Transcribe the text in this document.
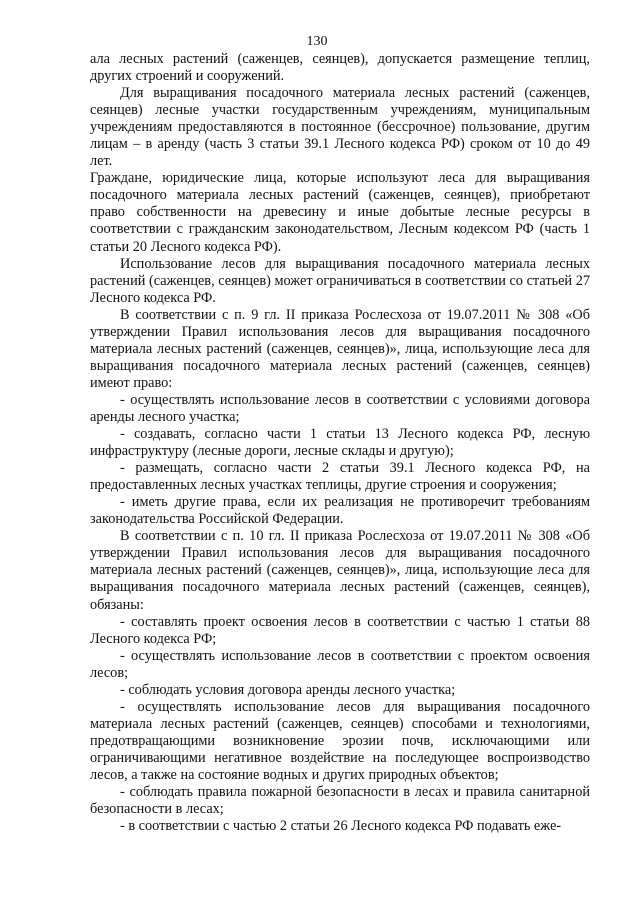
130

ала лесных растений (саженцев, сеянцев), допускается размещение теплиц, других строений и сооружений.

Для выращивания посадочного материала лесных растений (саженцев, сеянцев) лесные участки государственным учреждениям, муниципальным учреждениям предоставляются в постоянное (бессрочное) пользование, другим лицам – в аренду (часть 3 статьи 39.1 Лесного кодекса РФ) сроком от 10 до 49 лет.

Граждане, юридические лица, которые используют леса для выращивания посадочного материала лесных растений (саженцев, сеянцев), приобретают право собственности на древесину и иные добытые лесные ресурсы в соответствии с гражданским законодательством, Лесным кодексом РФ (часть 1 статьи 20 Лесного кодекса РФ).

Использование лесов для выращивания посадочного материала лесных растений (саженцев, сеянцев) может ограничиваться в соответствии со статьей 27 Лесного кодекса РФ.

В соответствии с п. 9 гл. II приказа Рослесхоза от 19.07.2011 № 308 «Об утверждении Правил использования лесов для выращивания посадочного материала лесных растений (саженцев, сеянцев)», лица, использующие леса для выращивания посадочного материала лесных растений (саженцев, сеянцев) имеют право:

- осуществлять использование лесов в соответствии с условиями договора аренды лесного участка;

- создавать, согласно части 1 статьи 13 Лесного кодекса РФ, лесную инфраструктуру (лесные дороги, лесные склады и другую);

- размещать, согласно части 2 статьи 39.1 Лесного кодекса РФ, на предоставленных лесных участках теплицы, другие строения и сооружения;

- иметь другие права, если их реализация не противоречит требованиям законодательства Российской Федерации.

В соответствии с п. 10 гл. II приказа Рослесхоза от 19.07.2011 № 308 «Об утверждении Правил использования лесов для выращивания посадочного материала лесных растений (саженцев, сеянцев)», лица, использующие леса для выращивания посадочного материала лесных растений (саженцев, сеянцев), обязаны:

- составлять проект освоения лесов в соответствии с частью 1 статьи 88 Лесного кодекса РФ;

- осуществлять использование лесов в соответствии с проектом освоения лесов;

- соблюдать условия договора аренды лесного участка;

- осуществлять использование лесов для выращивания посадочного материала лесных растений (саженцев, сеянцев) способами и технологиями, предотвращающими возникновение эрозии почв, исключающими или ограничивающими негативное воздействие на последующее воспроизводство лесов, а также на состояние водных и других природных объектов;

- соблюдать правила пожарной безопасности в лесах и правила санитарной безопасности в лесах;

- в соответствии с частью 2 статьи 26 Лесного кодекса РФ подавать еже-
